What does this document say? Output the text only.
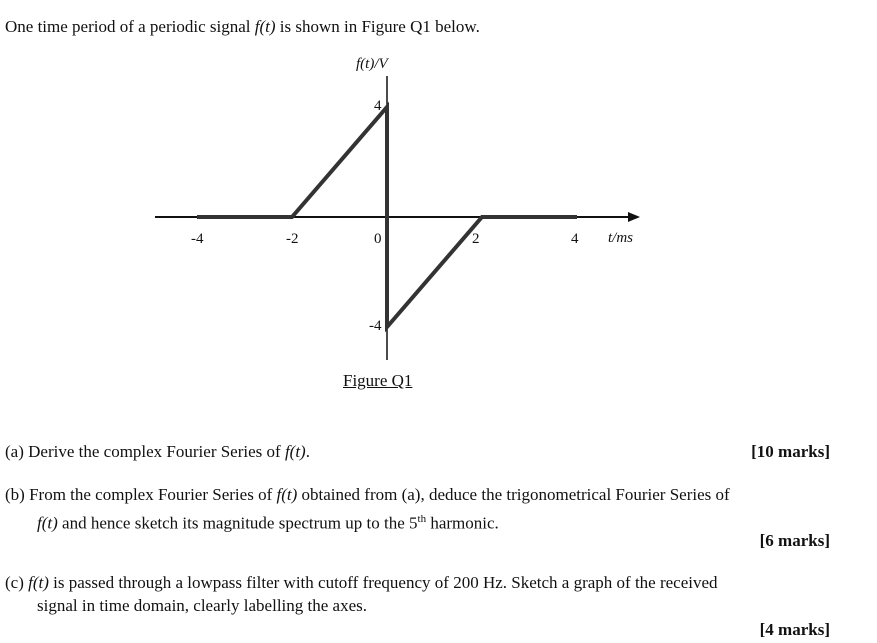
One time period of a periodic signal f(t) is shown in Figure Q1 below.
-4	-2	0	2	4
4
-4
f(t)/V
t/ms
Figure Q1
(a) Derive the complex Fourier Series of f(t).	[10 marks]
(b) From the complex Fourier Series of f(t) obtained from (a), deduce the trigonometrical Fourier Series of
f(t) and hence sketch its magnitude spectrum up to the 5th harmonic.
[6 marks]
(c) f(t) is passed through a lowpass filter with cutoff frequency of 200 Hz. Sketch a graph of the received
signal in time domain, clearly labelling the axes.
[4 marks]
